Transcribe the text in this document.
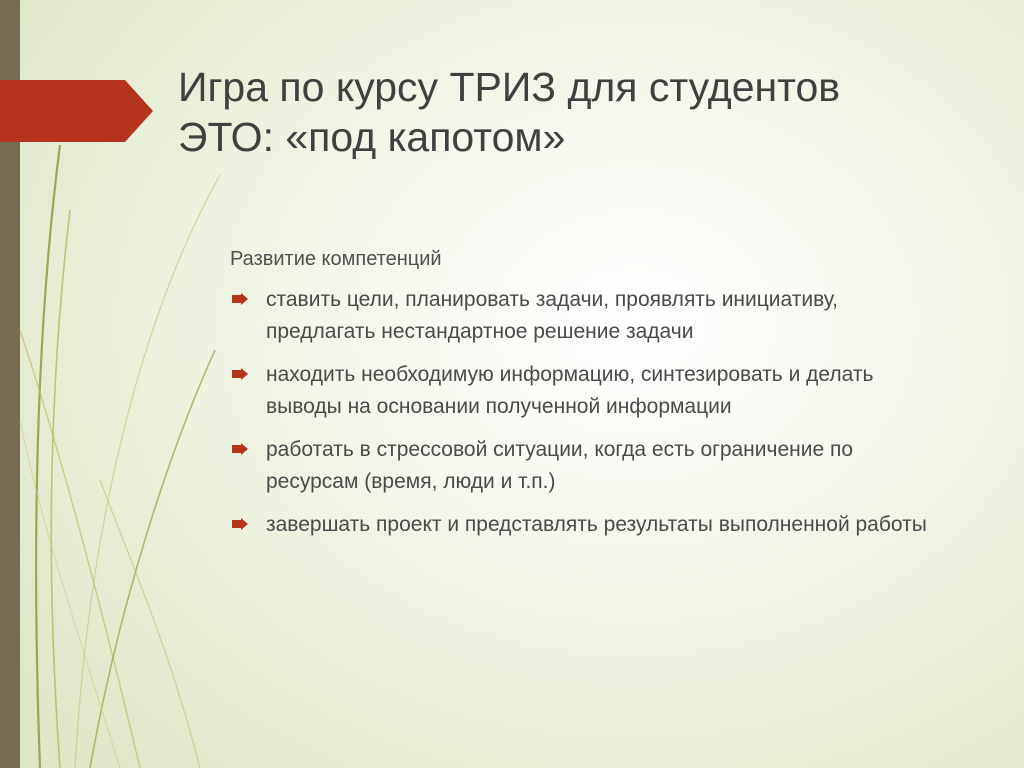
Игра по курсу ТРИЗ для студентов
ЭТО: «под капотом»
Развитие компетенций
ставить цели, планировать задачи, проявлять инициативу, предлагать нестандартное решение задачи
находить необходимую информацию, синтезировать и делать выводы на основании полученной информации
работать в стрессовой ситуации, когда есть ограничение по ресурсам (время, люди и т.п.)
завершать проект и представлять результаты выполненной работы
